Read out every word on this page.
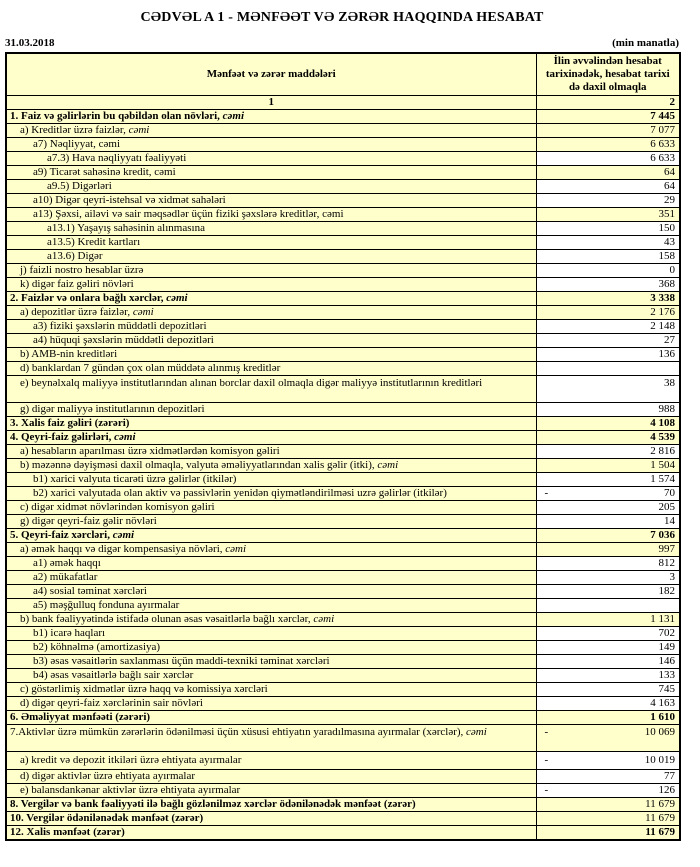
CƏDVƏL A 1 - MƏNFƏƏT VƏ ZƏRƏR HAQQINDA HESABAT
31.03.2018	(min manatla)
Mənfəət və zərər maddələri	İlin əvvəlindən hesabat tarixinədək, hesabat tarixi də daxil olmaqla
1	2
1. Faiz və gəlirlərin bu qəbildən olan növləri, cəmi	7 445

a) Kreditlər üzrə faizlər, cəmi	7 077

a7) Nəqliyyat, cəmi	6 633

a7.3) Hava nəqliyyatı fəaliyyəti	6 633

a9) Ticarət sahəsinə kredit, cəmi	64

a9.5) Digərləri	64

a10) Digər qeyri-istehsal və xidmət sahələri	29

a13) Şəxsi, ailəvi və sair məqsədlər üçün fiziki şəxslərə kreditlər, cəmi	351

a13.1) Yaşayış sahəsinin alınmasına	150

a13.5) Kredit kartları	43

a13.6) Digər	158

j) faizli nostro hesablar üzrə	0

k) digər faiz gəliri növləri	368

2. Faizlər və onlara bağlı xərclər, cəmi	3 338

a) depozitlər üzrə faizlər, cəmi	2 176

a3) fiziki şəxslərin müddətli depozitləri	2 148

a4) hüquqi şəxslərin müddətli depozitləri	27

b) AMB-nin kreditləri	136

d) banklardan 7 gündən çox olan müddətə alınmış kreditlər	

e) beynəlxalq maliyyə institutlarından alınan borclar daxil olmaqla digər maliyyə institutlarının kreditləri	38

g) digər maliyyə institutlarının depozitləri	988

3. Xalis faiz gəliri (zərəri)	4 108

4. Qeyri-faiz gəlirləri, cəmi	4 539

a) hesabların aparılması üzrə xidmətlərdən komisyon gəliri	2 816

b) məzənnə dəyişməsi daxil olmaqla, valyuta əməliyyatlarından xalis gəlir (itki), cəmi	1 504

b1) xarici valyuta ticarəti üzrə gəlirlər (itkilər)	1 574

b2) xarici valyutada olan aktiv və passivlərin yenidən qiymətləndirilməsi uzrə gəlirlər (itkilər)	- 70

c) digər xidmət növlərindən komisyon gəliri	205

g) digər qeyri-faiz gəlir növləri	14

5. Qeyri-faiz xərcləri, cəmi	7 036

a) əmək haqqı və digər kompensasiya növləri, cəmi	997

a1) əmək haqqı	812

a2) mükafatlar	3

a4) sosial təminat xərcləri	182

a5) məşğulluq fonduna ayırmalar	

b) bank fəaliyyətində istifadə olunan əsas vəsaitlərlə bağlı xərclər, cəmi	1 131

b1) icarə haqları	702

b2) köhnəlmə (amortizasiya)	149

b3) əsas vəsaitlərin saxlanması üçün maddi-texniki təminat xərcləri	146

b4) əsas vəsaitlərlə bağlı sair xərclər	133

c) göstərlimiş xidmətlər üzrə haqq və komissiya xərcləri	745

d) digər qeyri-faiz xərclərinin sair növləri	4 163

6. Əməliyyat mənfəəti (zərəri)	1 610

7.Aktivlər üzrə mümkün zərərlərin ödənilməsi üçün xüsusi ehtiyatın yaradılmasına ayırmalar (xərclər), cəmi	- 10 069

a) kredit və depozit itkiləri üzrə ehtiyata ayırmalar	- 10 019

d) digər aktivlər üzrə ehtiyata ayırmalar	77

e) balansdankənar aktivlər üzrə ehtiyata ayırmalar	- 126

8. Vergilər və bank fəaliyyəti ilə bağlı gözlənilməz xərclər ödənilənədək mənfəət (zərər)	11 679

10. Vergilər ödənilənədək mənfəət (zərər)	11 679

12. Xalis mənfəət (zərər)	11 679
